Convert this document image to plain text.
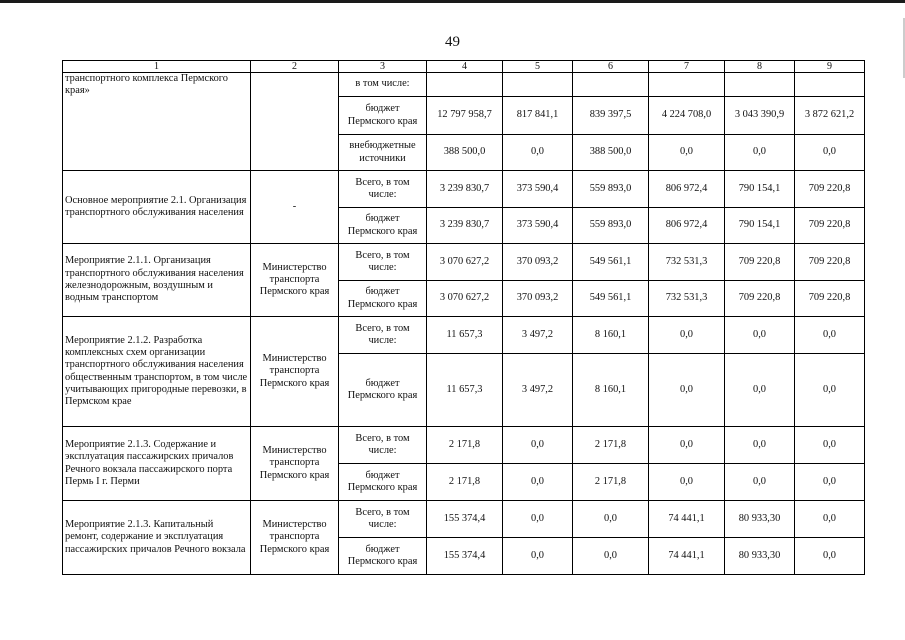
49
1	2	3	4	5	6	7	8	9
транспортного комплекса Пермского края»		в том числе:						
		бюджет Пермского края	12 797 958,7	817 841,1	839 397,5	4 224 708,0	3 043 390,9	3 872 621,2
		внебюджетные источники	388 500,0	0,0	388 500,0	0,0	0,0	0,0
Основное мероприятие 2.1. Организация транспортного обслуживания населения	-	Всего, в том числе:	3 239 830,7	373 590,4	559 893,0	806 972,4	790 154,1	709 220,8
		бюджет Пермского края	3 239 830,7	373 590,4	559 893,0	806 972,4	790 154,1	709 220,8
Мероприятие 2.1.1. Организация транспортного обслуживания населения железнодорожным, воздушным и водным транспортом	Министерство транспорта Пермского края	Всего, в том числе:	3 070 627,2	370 093,2	549 561,1	732 531,3	709 220,8	709 220,8
		бюджет Пермского края	3 070 627,2	370 093,2	549 561,1	732 531,3	709 220,8	709 220,8
Мероприятие 2.1.2. Разработка комплексных схем организации транспортного обслуживания населения общественным транспортом, в том числе учитывающих пригородные перевозки, в Пермском крае	Министерство транспорта Пермского края	Всего, в том числе:	11 657,3	3 497,2	8 160,1	0,0	0,0	0,0
		бюджет Пермского края	11 657,3	3 497,2	8 160,1	0,0	0,0	0,0
Мероприятие 2.1.3. Содержание и эксплуатация пассажирских причалов Речного вокзала пассажирского порта Пермь I г. Перми	Министерство транспорта Пермского края	Всего, в том числе:	2 171,8	0,0	2 171,8	0,0	0,0	0,0
		бюджет Пермского края	2 171,8	0,0	2 171,8	0,0	0,0	0,0
Мероприятие 2.1.3. Капитальный ремонт, содержание и эксплуатация пассажирских причалов Речного вокзала	Министерство транспорта Пермского края	Всего, в том числе:	155 374,4	0,0	0,0	74 441,1	80 933,30	0,0
		бюджет Пермского края	155 374,4	0,0	0,0	74 441,1	80 933,30	0,0
